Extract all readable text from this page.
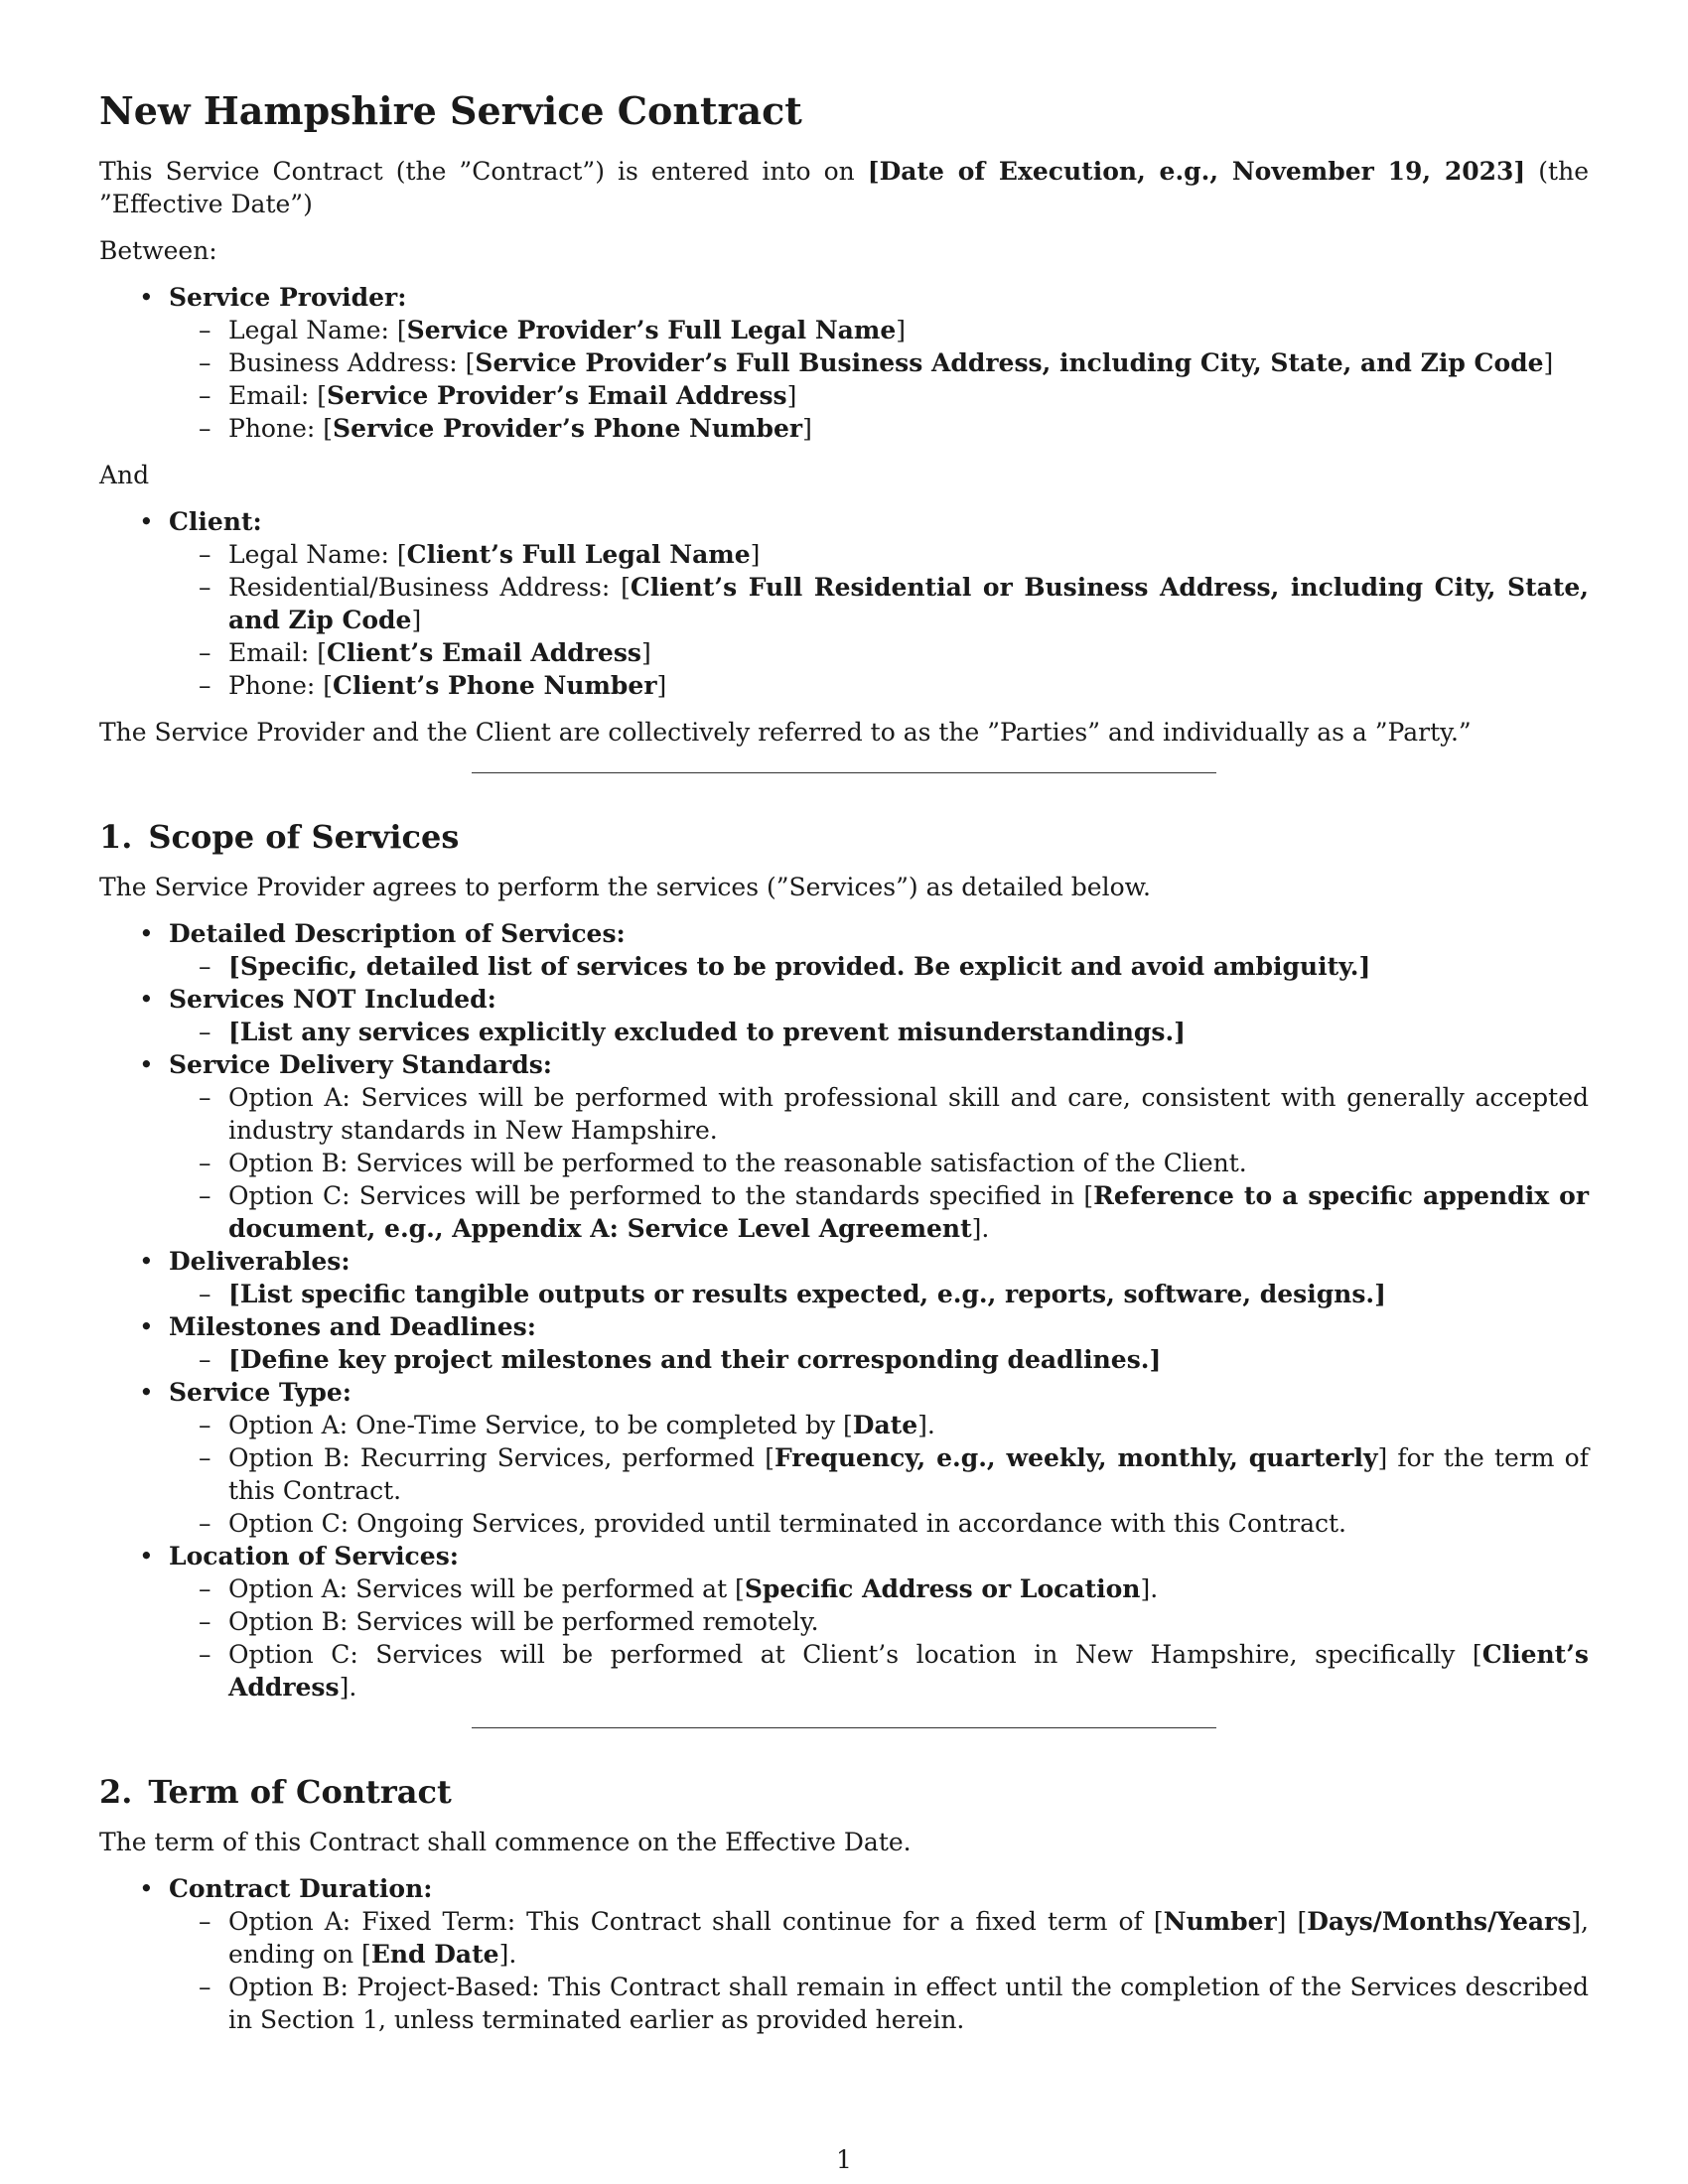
New Hampshire Service Contract

This Service Contract (the ”Contract”) is entered into on [Date of Execution, e.g., November 19, 2023] (the ”Effective Date”)

Between:

• Service Provider:
– Legal Name: [Service Provider’s Full Legal Name]
– Business Address: [Service Provider’s Full Business Address, including City, State, and Zip Code]
– Email: [Service Provider’s Email Address]
– Phone: [Service Provider’s Phone Number]

And

• Client:
– Legal Name: [Client’s Full Legal Name]
– Residential/Business Address: [Client’s Full Residential or Business Address, including City, State, and Zip Code]
– Email: [Client’s Email Address]
– Phone: [Client’s Phone Number]

The Service Provider and the Client are collectively referred to as the ”Parties” and individually as a ”Party.”

1. Scope of Services

The Service Provider agrees to perform the services (”Services”) as detailed below.

• Detailed Description of Services:
– [Specific, detailed list of services to be provided. Be explicit and avoid ambiguity.]
• Services NOT Included:
– [List any services explicitly excluded to prevent misunderstandings.]
• Service Delivery Standards:
– Option A: Services will be performed with professional skill and care, consistent with generally accepted industry standards in New Hampshire.
– Option B: Services will be performed to the reasonable satisfaction of the Client.
– Option C: Services will be performed to the standards specified in [Reference to a specific appendix or document, e.g., Appendix A: Service Level Agreement].
• Deliverables:
– [List specific tangible outputs or results expected, e.g., reports, software, designs.]
• Milestones and Deadlines:
– [Define key project milestones and their corresponding deadlines.]
• Service Type:
– Option A: One-Time Service, to be completed by [Date].
– Option B: Recurring Services, performed [Frequency, e.g., weekly, monthly, quarterly] for the term of this Contract.
– Option C: Ongoing Services, provided until terminated in accordance with this Contract.
• Location of Services:
– Option A: Services will be performed at [Specific Address or Location].
– Option B: Services will be performed remotely.
– Option C: Services will be performed at Client’s location in New Hampshire, specifically [Client’s Address].
2. Term of Contract

The term of this Contract shall commence on the Effective Date.

• Contract Duration:
– Option A: Fixed Term: This Contract shall continue for a fixed term of [Number] [Days/Months/Years], ending on [End Date].
– Option B: Project-Based: This Contract shall remain in effect until the completion of the Services described in Section 1, unless terminated earlier as provided herein.
1
